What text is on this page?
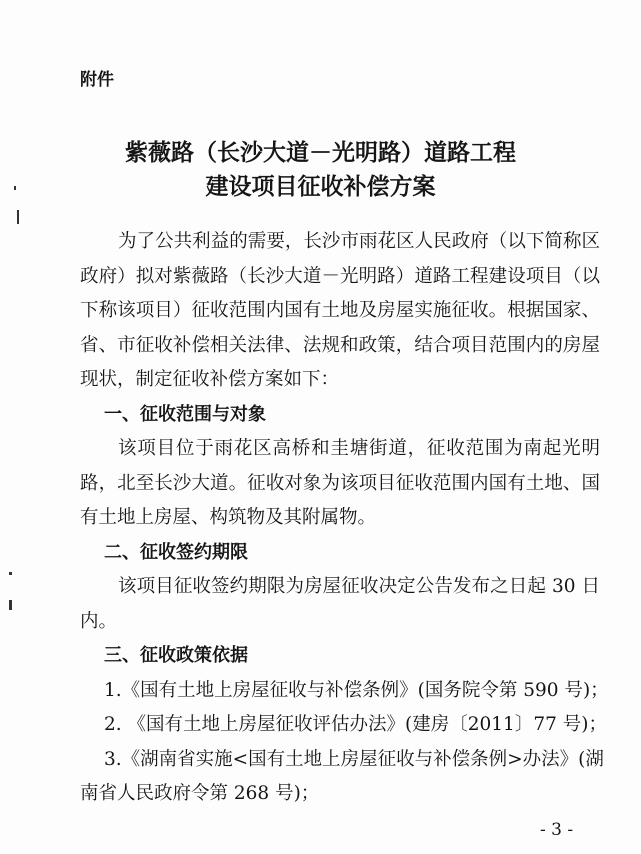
附件
紫薇路（长沙大道－光明路）道路工程
建设项目征收补偿方案
为了公共利益的需要，长沙市雨花区人民政府（以下简称区
政府）拟对紫薇路（长沙大道－光明路）道路工程建设项目（以
下称该项目）征收范围内国有土地及房屋实施征收。根据国家、
省、市征收补偿相关法律、法规和政策，结合项目范围内的房屋
现状，制定征收补偿方案如下：
一、征收范围与对象
该项目位于雨花区高桥和圭塘街道，征收范围为南起光明
路，北至长沙大道。征收对象为该项目征收范围内国有土地、国
有土地上房屋、构筑物及其附属物。
二、征收签约期限
该项目征收签约期限为房屋征收决定公告发布之日起 30 日
内。
三、征收政策依据
1.《国有土地上房屋征收与补偿条例》(国务院令第 590 号)；
2. 《国有土地上房屋征收评估办法》(建房〔2011〕77 号)；
3.《湖南省实施<国有土地上房屋征收与补偿条例>办法》(湖
南省人民政府令第 268 号)；
- 3 -
